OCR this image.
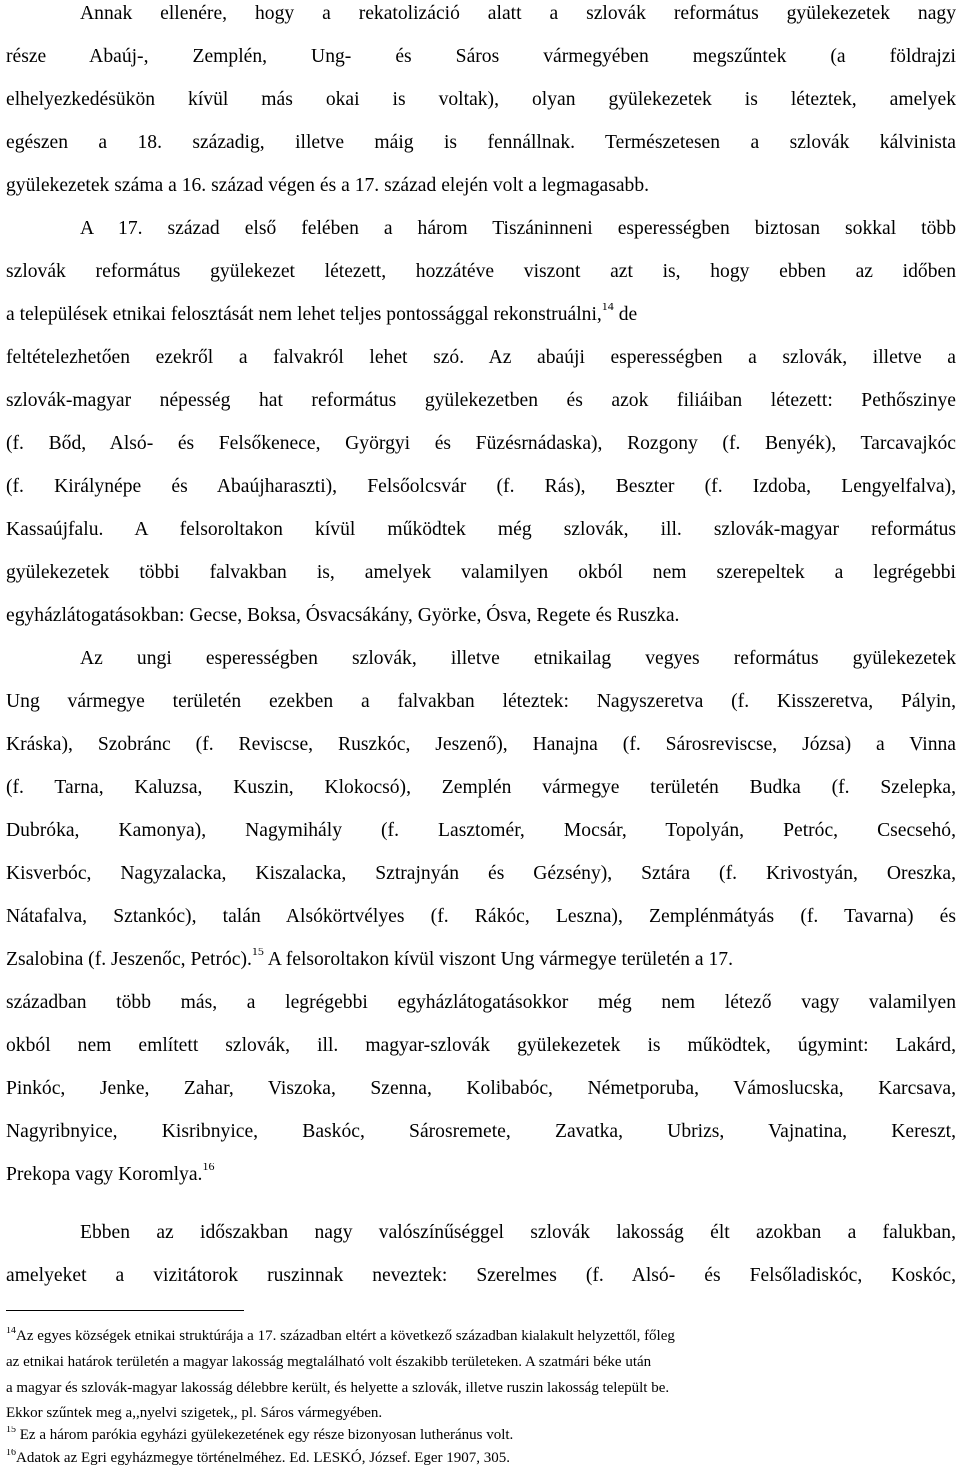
Annak ellenére, hogy a rekatolizáció alatt a szlovák református gyülekezetek nagy
része Abaúj-, Zemplén, Ung- és Sáros vármegyében megszűntek (a földrajzi
elhelyezkedésükön kívül más okai is voltak), olyan gyülekezetek is léteztek, amelyek
egészen a 18. századig, illetve máig is fennállnak. Természetesen a szlovák kálvinista
gyülekezetek száma a 16. század végen és a 17. század elején volt a legmagasabb.
A 17. század első felében a három Tiszáninneni esperességben biztosan sokkal több
szlovák református gyülekezet létezett, hozzátéve viszont azt is, hogy ebben az időben
a települések etnikai felosztását nem lehet teljes pontossággal rekonstruálni,$^{14}$ de
feltételezhetően ezekről a falvakról lehet szó. Az abaúji esperességben a szlovák, illetve a
szlovák-magyar népesség hat református gyülekezetben és azok filiáiban létezett: Pethőszinye
(f. Bőd, Alsó- és Felsőkenece, Györgyi és Füzésrnádaska), Rozgony (f. Benyék), Tarcavajkóc
(f. Királynépe és Abaújharaszti), Felsőolcsvár (f. Rás), Beszter (f. Izdoba, Lengyelfalva),
Kassaújfalu. A felsoroltakon kívül működtek még szlovák, ill. szlovák-magyar református
gyülekezetek többi falvakban is, amelyek valamilyen okból nem szerepeltek a legrégebbi
egyházlátogatásokban: Gecse, Boksa, Ósvacsákány, Györke, Ósva, Regete és Ruszka.
Az ungi esperességben szlovák, illetve etnikailag vegyes református gyülekezetek
Ung vármegye területén ezekben a falvakban léteztek: Nagyszeretva (f. Kisszeretva, Pályin,
Kráska), Szobránc (f. Reviscse, Ruszkóc, Jeszenő), Hanajna (f. Sárosreviscse, Józsa) a Vinna
(f. Tarna, Kaluzsa, Kuszin, Klokocsó), Zemplén vármegye területén Budka (f. Szelepka,
Dubróka, Kamonya), Nagymihály (f. Lasztomér, Mocsár, Topolyán, Petróc, Csecsehó,
Kisverbóc, Nagyzalacka, Kiszalacka, Sztrajnyán és Gézsény), Sztára (f. Krivostyán, Oreszka,
Nátafalva, Sztankóc), talán Alsókörtvélyes (f. Rákóc, Leszna), Zemplénmátyás (f. Tavarna) és
Zsalobina (f. Jeszenőc, Petróc).$^{15}$ A felsoroltakon kívül viszont Ung vármegye területén a 17.
században több más, a legrégebbi egyházlátogatásokkor még nem létező vagy valamilyen
okból nem említett szlovák, ill. magyar-szlovák gyülekezetek is működtek, úgymint: Lakárd,
Pinkóc, Jenke, Zahar, Viszoka, Szenna, Kolibabóc, Németporuba, Vámoslucska, Karcsava,
Nagyribnyice, Kisribnyice, Baskóc, Sárosremete, Zavatka, Ubrizs, Vajnatina, Kereszt,
Prekopa vagy Koromlya.$^{16}$
Ebben az időszakban nagy valószínűséggel szlovák lakosság élt azokban a falukban,
amelyeket a vizitátorok ruszinnak neveztek: Szerelmes (f. Alsó- és Felsőladiskóc, Koskóc,
$^{14}$Az egyes községek etnikai struktúrája a 17. században eltért a következő században kialakult helyzettől, főleg
az etnikai határok területén a magyar lakosság megtalálható volt északibb területeken. A szatmári béke után
a magyar és szlovák-magyar lakosság délebbre került, és helyette a szlovák, illetve ruszin lakosság települt be.
Ekkor szűntek meg a,,nyelvi szigetek,, pl. Sáros vármegyében.
$^{15}$ Ez a három parókia egyházi gyülekezetének egy része bizonyosan lutheránus volt.
$^{16}$Adatok az Egri egyházmegye történelméhez. Ed. LESKÓ, József. Eger 1907, 305.
